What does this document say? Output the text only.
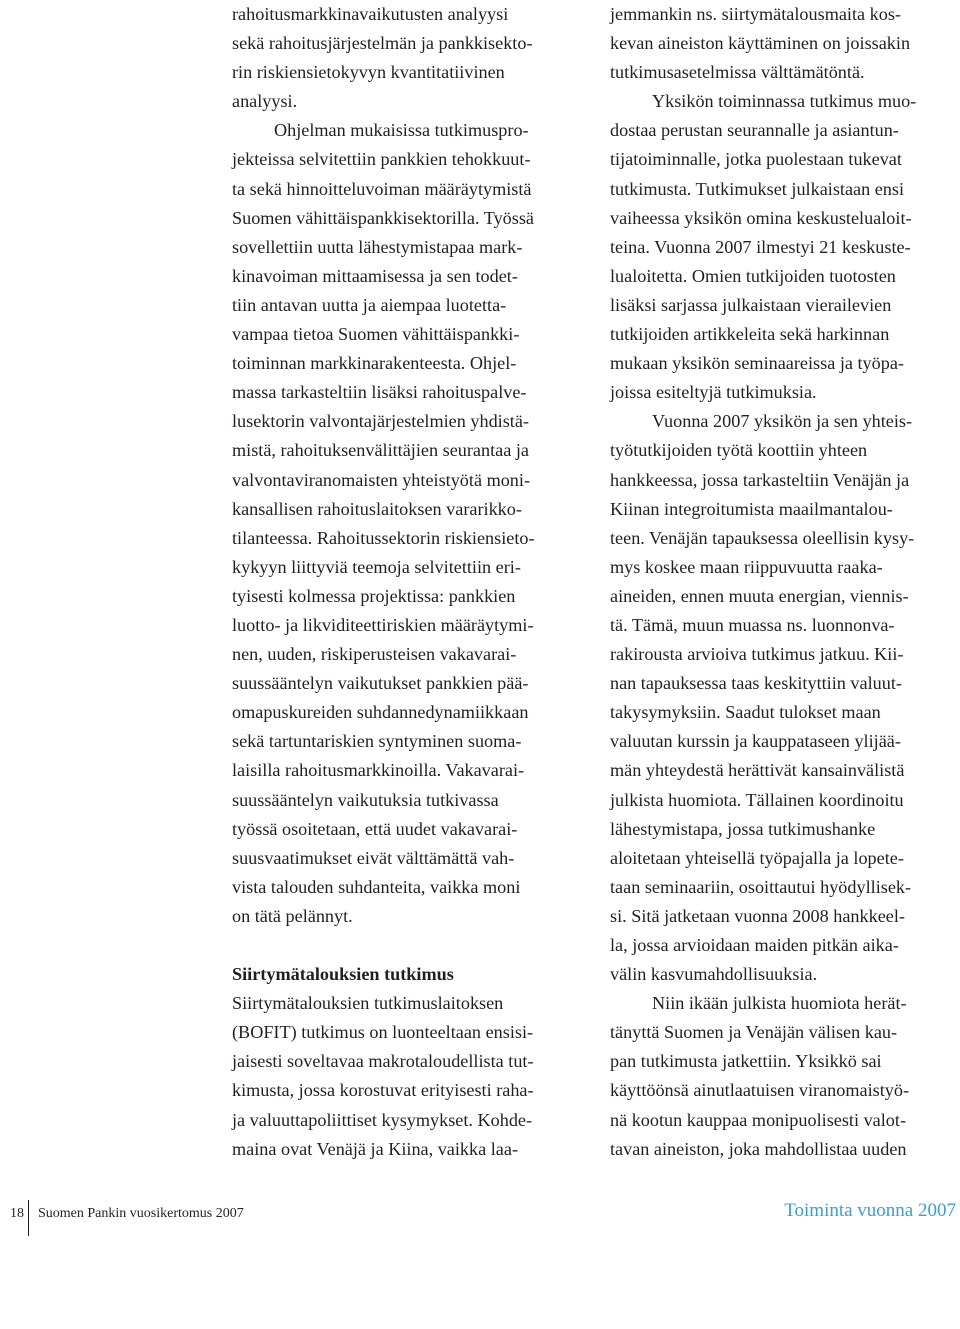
rahoitusmarkkinavaikutusten analyysi
sekä rahoitusjärjestelmän ja pankkisekto-
rin riskiensietokyvyn kvantitatiivinen
analyysi.
Ohjelman mukaisissa tutkimuspro-
jekteissa selvitettiin pankkien tehokkuut-
ta sekä hinnoitteluvoiman määräytymistä
Suomen vähittäispankkisektorilla. Työssä
sovellettiin uutta lähestymistapaa mark-
kinavoiman mittaamisessa ja sen todet-
tiin antavan uutta ja aiempaa luotetta-
vampaa tietoa Suomen vähittäispankki-
toiminnan markkinarakenteesta. Ohjel-
massa tarkasteltiin lisäksi rahoituspalve-
lusektorin valvontajärjestelmien yhdistä-
mistä, rahoituksenvälittäjien seurantaa ja
valvontaviranomaisten yhteistyötä moni-
kansallisen rahoituslaitoksen vararikko-
tilanteessa. Rahoitussektorin riskiensieto-
kykyyn liittyviä teemoja selvitettiin eri-
tyisesti kolmessa projektissa: pankkien
luotto- ja likviditeettiriskien määräytymi-
nen, uuden, riskiperusteisen vakavarai-
suussääntelyn vaikutukset pankkien pää-
omapuskureiden suhdannedynamiikkaan
sekä tartuntariskien syntyminen suoma-
laisilla rahoitusmarkkinoilla. Vakavarai-
suussääntelyn vaikutuksia tutkivassa
työssä osoitetaan, että uudet vakavarai-
suusvaatimukset eivät välttämättä vah-
vista talouden suhdanteita, vaikka moni
on tätä pelännyt.
Siirtymätalouksien tutkimus
Siirtymätalouksien tutkimuslaitoksen
(BOFIT) tutkimus on luonteeltaan ensisi-
jaisesti soveltavaa makrotaloudellista tut-
kimusta, jossa korostuvat erityisesti raha-
ja valuuttapoliittiset kysymykset. Kohde-
maina ovat Venäjä ja Kiina, vaikka laa-
jemmankin ns. siirtymätalousmaita kos-
kevan aineiston käyttäminen on joissakin
tutkimusasetelmissa välttämätöntä.
Yksikön toiminnassa tutkimus muo-
dostaa perustan seurannalle ja asiantun-
tijatoiminnalle, jotka puolestaan tukevat
tutkimusta. Tutkimukset julkaistaan ensi
vaiheessa yksikön omina keskustelualoit-
teina. Vuonna 2007 ilmestyi 21 keskuste-
lualoitetta. Omien tutkijoiden tuotosten
lisäksi sarjassa julkaistaan vierailevien
tutkijoiden artikkeleita sekä harkinnan
mukaan yksikön seminaareissa ja työpa-
joissa esiteltyjä tutkimuksia.
Vuonna 2007 yksikön ja sen yhteis-
työtutkijoiden työtä koottiin yhteen
hankkeessa, jossa tarkasteltiin Venäjän ja
Kiinan integroitumista maailmantalou-
teen. Venäjän tapauksessa oleellisin kysy-
mys koskee maan riippuvuutta raaka-
aineiden, ennen muuta energian, viennis-
tä. Tämä, muun muassa ns. luonnonva-
rakirousta arvioiva tutkimus jatkuu. Kii-
nan tapauksessa taas keskityttiin valuut-
takysymyksiin. Saadut tulokset maan
valuutan kurssin ja kauppataseen ylijää-
män yhteydestä herättivät kansainvälistä
julkista huomiota. Tällainen koordinoitu
lähestymistapa, jossa tutkimushanke
aloitetaan yhteisellä työpajalla ja lopete-
taan seminaariin, osoittautui hyödyllisek-
si. Sitä jatketaan vuonna 2008 hankkeel-
la, jossa arvioidaan maiden pitkän aika-
välin kasvumahdollisuuksia.
Niin ikään julkista huomiota herät-
tänyttä Suomen ja Venäjän välisen kau-
pan tutkimusta jatkettiin. Yksikkö sai
käyttöönsä ainutlaatuisen viranomaistyö-
nä kootun kauppaa monipuolisesti valot-
tavan aineiston, joka mahdollistaa uuden
18 Suomen Pankin vuosikertomus 2007	Toiminta vuonna 2007
